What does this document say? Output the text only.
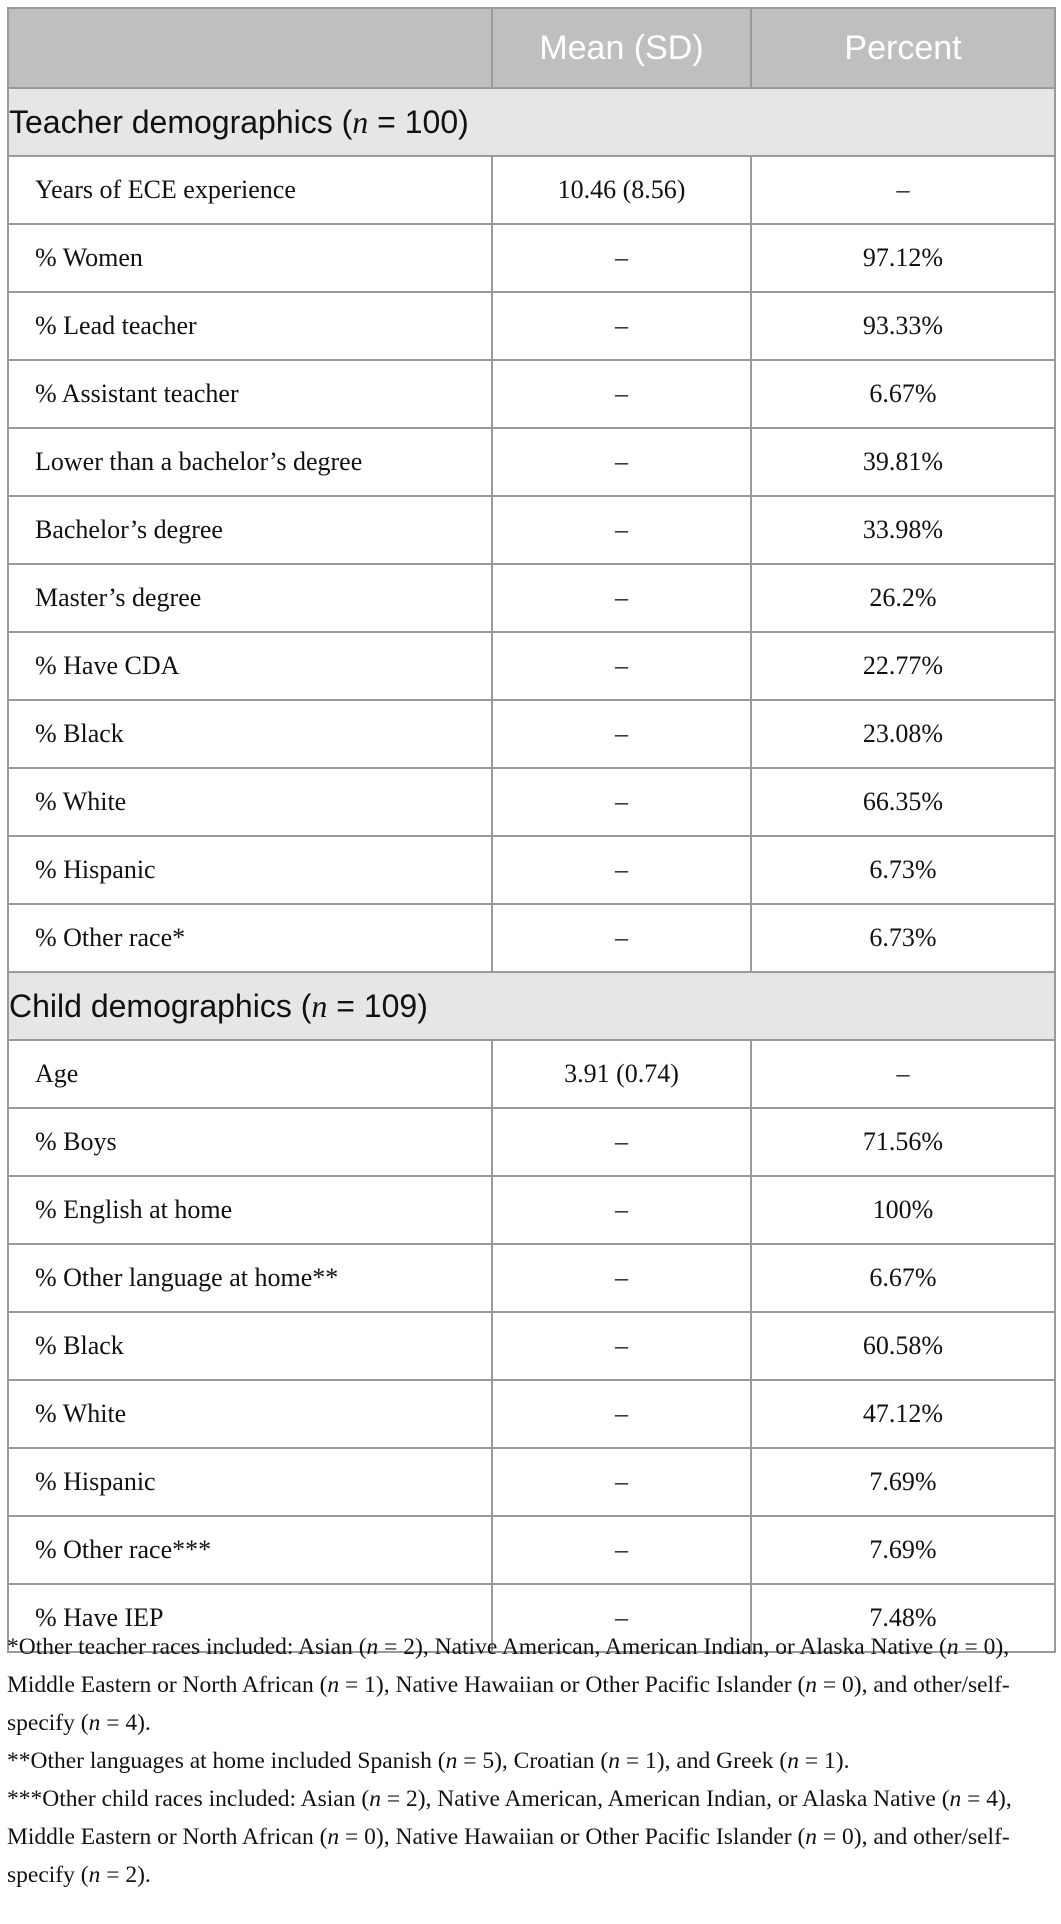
	Mean (SD)	Percent
Teacher demographics (n = 100)		
Years of ECE experience	10.46 (8.56)	–
% Women	–	97.12%
% Lead teacher	–	93.33%
% Assistant teacher	–	6.67%
Lower than a bachelor’s degree	–	39.81%
Bachelor’s degree	–	33.98%
Master’s degree	–	26.2%
% Have CDA	–	22.77%
% Black	–	23.08%
% White	–	66.35%
% Hispanic	–	6.73%
% Other race*	–	6.73%
Child demographics (n = 109)		
Age	3.91 (0.74)	–
% Boys	–	71.56%
% English at home	–	100%
% Other language at home**	–	6.67%
% Black	–	60.58%
% White	–	47.12%
% Hispanic	–	7.69%
% Other race***	–	7.69%
% Have IEP	–	7.48%

*Other teacher races included: Asian (n = 2), Native American, American Indian, or Alaska Native (n = 0), Middle Eastern or North African (n = 1), Native Hawaiian or Other Pacific Islander (n = 0), and other/self-specify (n = 4).

**Other languages at home included Spanish (n = 5), Croatian (n = 1), and Greek (n = 1).

***Other child races included: Asian (n = 2), Native American, American Indian, or Alaska Native (n = 4), Middle Eastern or North African (n = 0), Native Hawaiian or Other Pacific Islander (n = 0), and other/self-specify (n = 2).
